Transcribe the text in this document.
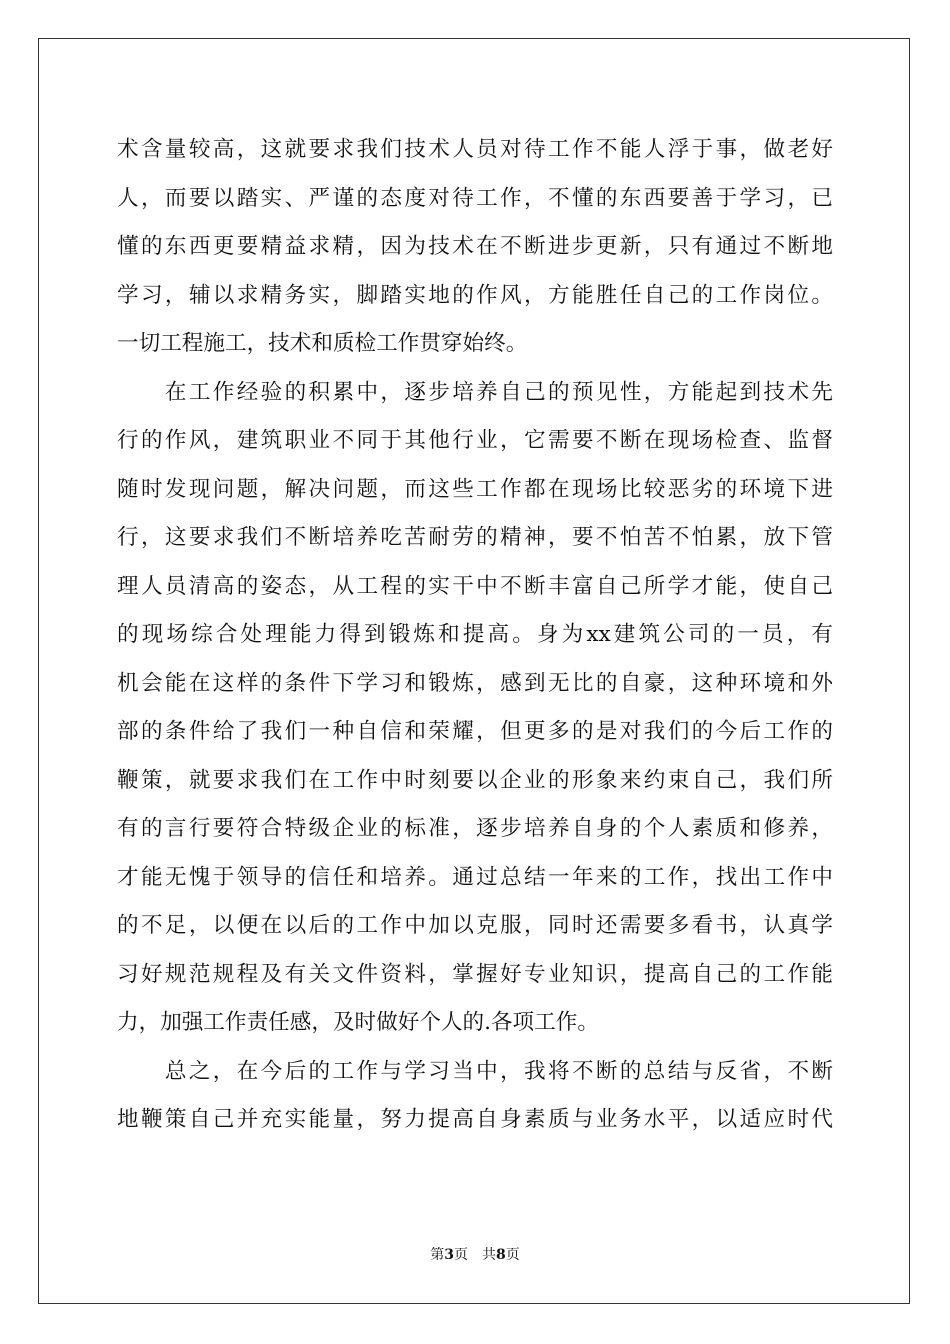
术含量较高，这就要求我们技术人员对待工作不能人浮于事，做老好
人，而要以踏实、严谨的态度对待工作，不懂的东西要善于学习，已
懂的东西更要精益求精，因为技术在不断进步更新，只有通过不断地
学习，辅以求精务实，脚踏实地的作风，方能胜任自己的工作岗位。
一切工程施工，技术和质检工作贯穿始终。
　　在工作经验的积累中，逐步培养自己的预见性，方能起到技术先
行的作风，建筑职业不同于其他行业，它需要不断在现场检查、监督
随时发现问题，解决问题，而这些工作都在现场比较恶劣的环境下进
行，这要求我们不断培养吃苦耐劳的精神，要不怕苦不怕累，放下管
理人员清高的姿态，从工程的实干中不断丰富自己所学才能，使自己
的现场综合处理能力得到锻炼和提高。身为xx建筑公司的一员，有
机会能在这样的条件下学习和锻炼，感到无比的自豪，这种环境和外
部的条件给了我们一种自信和荣耀，但更多的是对我们的今后工作的
鞭策，就要求我们在工作中时刻要以企业的形象来约束自己，我们所
有的言行要符合特级企业的标准，逐步培养自身的个人素质和修养，
才能无愧于领导的信任和培养。通过总结一年来的工作，找出工作中
的不足，以便在以后的工作中加以克服，同时还需要多看书，认真学
习好规范规程及有关文件资料，掌握好专业知识，提高自己的工作能
力，加强工作责任感，及时做好个人的.各项工作。
　　总之，在今后的工作与学习当中，我将不断的总结与反省，不断
地鞭策自己并充实能量，努力提高自身素质与业务水平，以适应时代
第3页 共8页
